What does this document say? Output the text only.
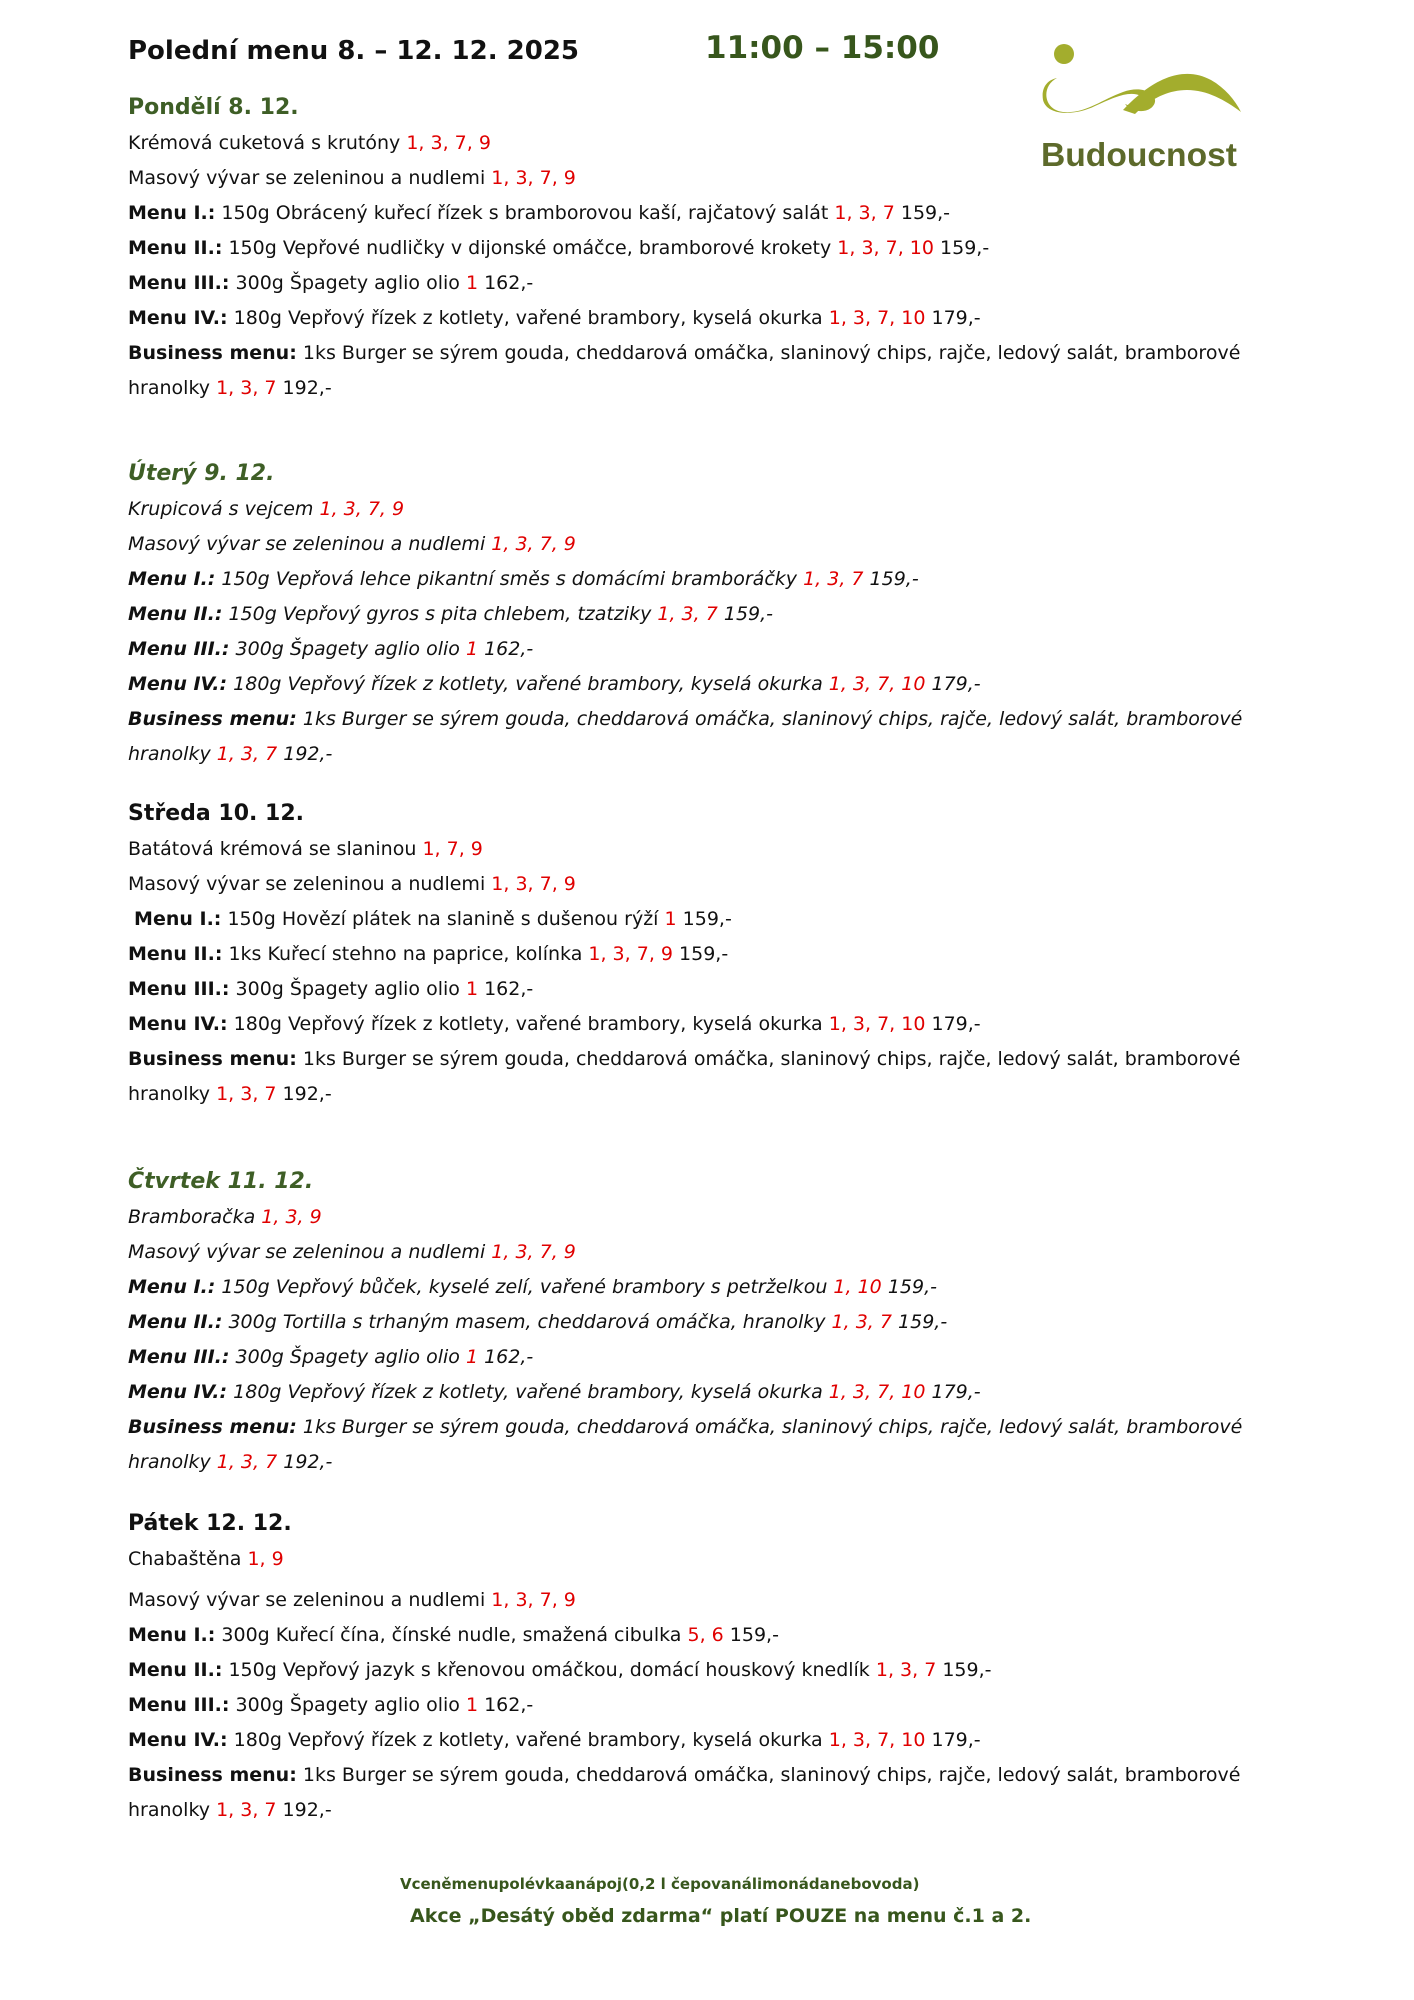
Polední menu 8. – 12. 12. 2025	11:00 – 15:00
Budoucnost
Pondělí 8. 12.
Krémová cuketová s krutóny 1, 3, 7, 9
Masový vývar se zeleninou a nudlemi 1, 3, 7, 9
Menu I.: 150g Obrácený kuřecí řízek s bramborovou kaší, rajčatový salát 1, 3, 7 159,-
Menu II.: 150g Vepřové nudličky v dijonské omáčce, bramborové krokety 1, 3, 7, 10 159,-
Menu III.: 300g Špagety aglio olio 1 162,-
Menu IV.: 180g Vepřový řízek z kotlety, vařené brambory, kyselá okurka 1, 3, 7, 10 179,-
Business menu: 1ks Burger se sýrem gouda, cheddarová omáčka, slaninový chips, rajče, ledový salát, bramborové
hranolky 1, 3, 7 192,-
Úterý 9. 12.
Krupicová s vejcem 1, 3, 7, 9
Masový vývar se zeleninou a nudlemi 1, 3, 7, 9
Menu I.: 150g Vepřová lehce pikantní směs s domácími bramboráčky 1, 3, 7 159,-
Menu II.: 150g Vepřový gyros s pita chlebem, tzatziky 1, 3, 7 159,-
Menu III.: 300g Špagety aglio olio 1 162,-
Menu IV.: 180g Vepřový řízek z kotlety, vařené brambory, kyselá okurka 1, 3, 7, 10 179,-
Business menu: 1ks Burger se sýrem gouda, cheddarová omáčka, slaninový chips, rajče, ledový salát, bramborové
hranolky 1, 3, 7 192,-
Středa 10. 12.
Batátová krémová se slaninou 1, 7, 9
Masový vývar se zeleninou a nudlemi 1, 3, 7, 9
Menu I.: 150g Hovězí plátek na slanině s dušenou rýží 1 159,-
Menu II.: 1ks Kuřecí stehno na paprice, kolínka 1, 3, 7, 9 159,-
Menu III.: 300g Špagety aglio olio 1 162,-
Menu IV.: 180g Vepřový řízek z kotlety, vařené brambory, kyselá okurka 1, 3, 7, 10 179,-
Business menu: 1ks Burger se sýrem gouda, cheddarová omáčka, slaninový chips, rajče, ledový salát, bramborové
hranolky 1, 3, 7 192,-
Čtvrtek 11. 12.
Bramboračka 1, 3, 9
Masový vývar se zeleninou a nudlemi 1, 3, 7, 9
Menu I.: 150g Vepřový bůček, kyselé zelí, vařené brambory s petrželkou 1, 10 159,-
Menu II.: 300g Tortilla s trhaným masem, cheddarová omáčka, hranolky 1, 3, 7 159,-
Menu III.: 300g Špagety aglio olio 1 162,-
Menu IV.: 180g Vepřový řízek z kotlety, vařené brambory, kyselá okurka 1, 3, 7, 10 179,-
Business menu: 1ks Burger se sýrem gouda, cheddarová omáčka, slaninový chips, rajče, ledový salát, bramborové
hranolky 1, 3, 7 192,-
Pátek 12. 12.
Chabaštěna 1, 9
Masový vývar se zeleninou a nudlemi 1, 3, 7, 9
Menu I.: 300g Kuřecí čína, čínské nudle, smažená cibulka 5, 6 159,-
Menu II.: 150g Vepřový jazyk s křenovou omáčkou, domácí houskový knedlík 1, 3, 7 159,-
Menu III.: 300g Špagety aglio olio 1 162,-
Menu IV.: 180g Vepřový řízek z kotlety, vařené brambory, kyselá okurka 1, 3, 7, 10 179,-
Business menu: 1ks Burger se sýrem gouda, cheddarová omáčka, slaninový chips, rajče, ledový salát, bramborové
hranolky 1, 3, 7 192,-
Vceněmenupolévkaanápoj(0,2 l čepovanálimonádanebovoda)
Akce „Desátý oběd zdarma“ platí POUZE na menu č.1 a 2.
